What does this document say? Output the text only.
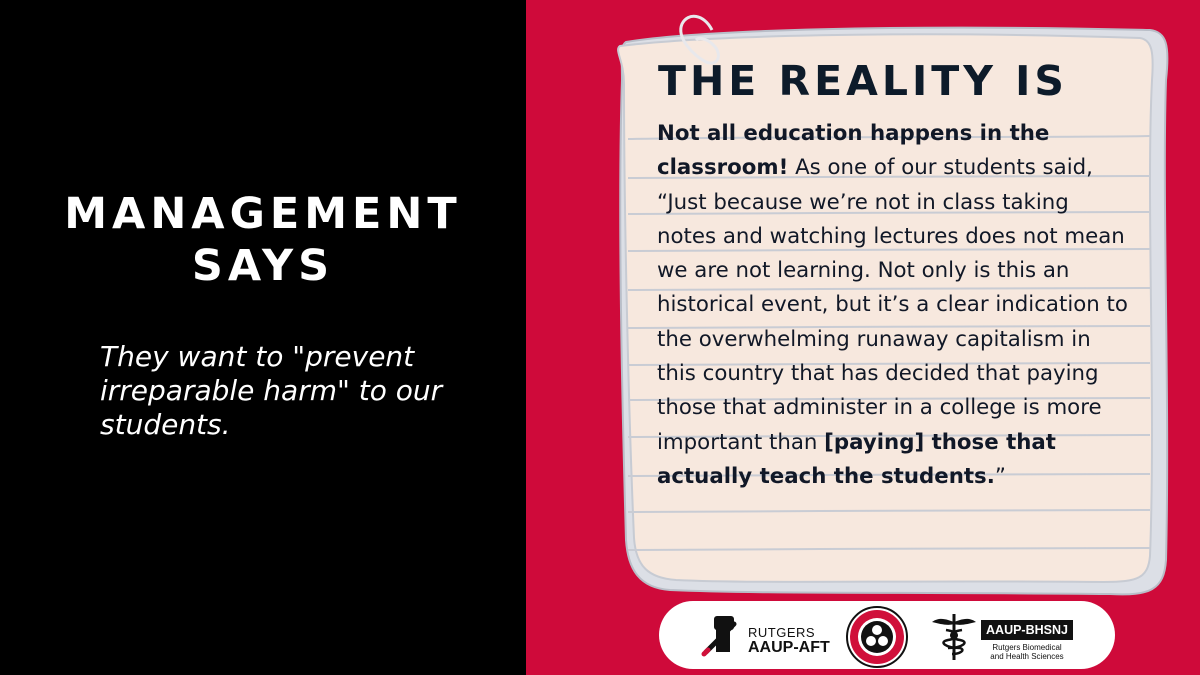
MANAGEMENT
SAYS
They want to "prevent irreparable harm" to our students.
THE REALITY IS
Not all education happens in the classroom! As one of our students said, “Just because we’re not in class taking notes and watching lectures does not mean we are not learning. Not only is this an historical event, but it’s a clear indication to the overwhelming runaway capitalism in this country that has decided that paying those that administer in a college is more important than [paying] those that actually teach the students.”
RUTGERS
AAUP-AFT
AAUP-BHSNJ
Rutgers Biomedical
and Health Sciences
